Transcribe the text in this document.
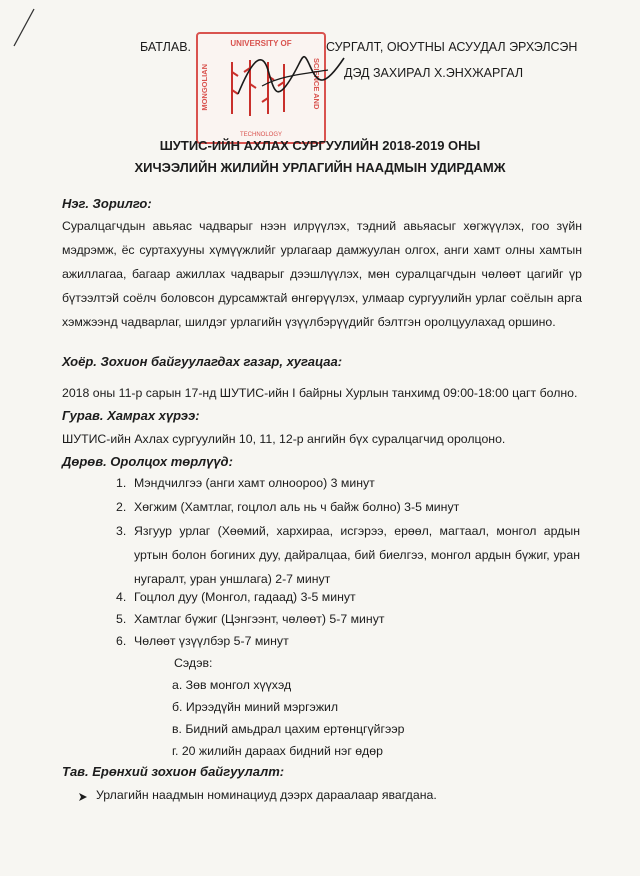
БАТЛАВ.	СУРГАЛТ, ОЮУТНЫ АСУУДАЛ ЭРХЭЛСЭН
ДЭД ЗАХИРАЛ Х.ЭНХЖАРГАЛ
UNIVERSITY OF
MONGOLIAN	SCIENCE AND
TECHNOLOGY
ШУТИС-ИЙН АХЛАХ СУРГУУЛИЙН 2018-2019 ОНЫ
ХИЧЭЭЛИЙН ЖИЛИЙН УРЛАГИЙН НААДМЫН УДИРДАМЖ
Нэг. Зорилго:
Суралцагчдын авьяас чадварыг нээн илрүүлэх, тэдний авьяасыг хөгжүүлэх, гоо зүйн мэдрэмж, ёс суртахууны хүмүүжлийг урлагаар дамжуулан олгох, анги хамт олны хамтын ажиллагаа, багаар ажиллах чадварыг дээшлүүлэх, мөн суралцагчдын чөлөөт цагийг үр бүтээлтэй соёлч боловсон дурсамжтай өнгөрүүлэх, улмаар сургуулийн урлаг соёлын арга хэмжээнд чадварлаг, шилдэг урлагийн үзүүлбэрүүдийг бэлтгэн оролцуулахад оршино.
Хоёр. Зохион байгуулагдах газар, хугацаа:
2018 оны 11-р сарын 17-нд ШУТИС-ийн I байрны Хурлын танхимд 09:00-18:00 цагт болно.
Гурав. Хамрах хүрээ:
ШУТИС-ийн Ахлах сургуулийн 10, 11, 12-р ангийн бүх суралцагчид оролцоно.
Дөрөв. Оролцох төрлүүд:
1. Мэндчилгээ (анги хамт олноороо) 3 минут
2. Хөгжим (Хамтлаг, гоцлол аль нь ч байж болно) 3-5 минут
3. Язгуур урлаг (Хөөмий, хархираа, исгэрээ, ерөөл, магтаал, монгол ардын уртын болон богиних дуу, дайралцаа, бий биелгээ, монгол ардын бүжиг, уран нугаралт, уран уншлага) 2-7 минут
4. Гоцлол дуу (Монгол, гадаад) 3-5 минут
5. Хамтлаг бүжиг (Цэнгээнт, чөлөөт) 5-7 минут
6. Чөлөөт үзүүлбэр 5-7 минут
Сэдэв:
а. Зөв монгол хүүхэд
б. Ирээдүйн миний мэргэжил
в. Бидний амьдрал цахим ертөнцгүйгээр
г. 20 жилийн дараах бидний нэг өдөр
Тав. Ерөнхий зохион байгуулалт:
Урлагийн наадмын номинациуд дээрх дараалаар явагдана.
